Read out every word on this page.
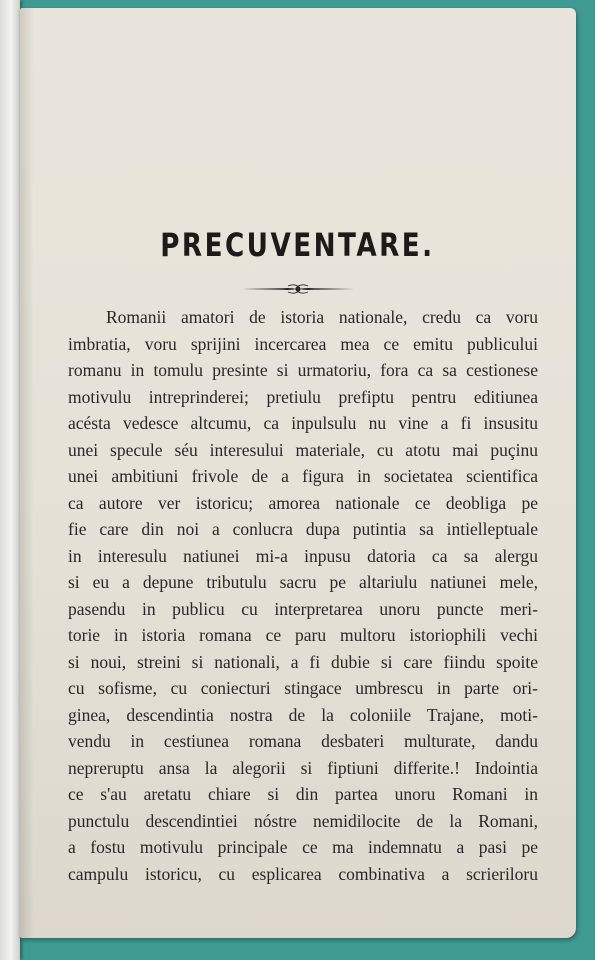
PRECUVENTARE.
Romanii amatori de istoria nationale, credu ca voru
imbratia, voru sprijini incercarea mea ce emitu publicului
romanu in tomulu presinte si urmatoriu, fora ca sa cestionese
motivulu intreprinderei; pretiulu prefiptu pentru editiunea
acésta vedesce altcumu, ca inpulsulu nu vine a fi insusitu
unei specule séu interesului materiale, cu atotu mai puçinu
unei ambitiuni frivole de a figura in societatea scientifica
ca autore ver istoricu; amorea nationale ce deobliga pe
fie care din noi a conlucra dupa putintia sa intielleptuale
in interesulu natiunei mi-a inpusu datoria ca sa alergu
si eu a depune tributulu sacru pe altariulu natiunei mele,
pasendu in publicu cu interpretarea unoru puncte meri-
torie in istoria romana ce paru multoru istoriophili vechi
si noui, streini si nationali, a fi dubie si care fiindu spoite
cu sofisme, cu coniecturi stingace umbrescu in parte ori-
ginea, descendintia nostra de la coloniile Trajane, moti-
vendu in cestiunea romana desbateri multurate, dandu
nepreruptu ansa la alegorii si fiptiuni differite.! Indointia
ce s'au aretatu chiare si din partea unoru Romani in
punctulu descendintiei nóstre nemidilocite de la Romani,
a fostu motivulu principale ce ma indemnatu a pasi pe
campulu istoricu, cu esplicarea combinativa a scrieriloru
